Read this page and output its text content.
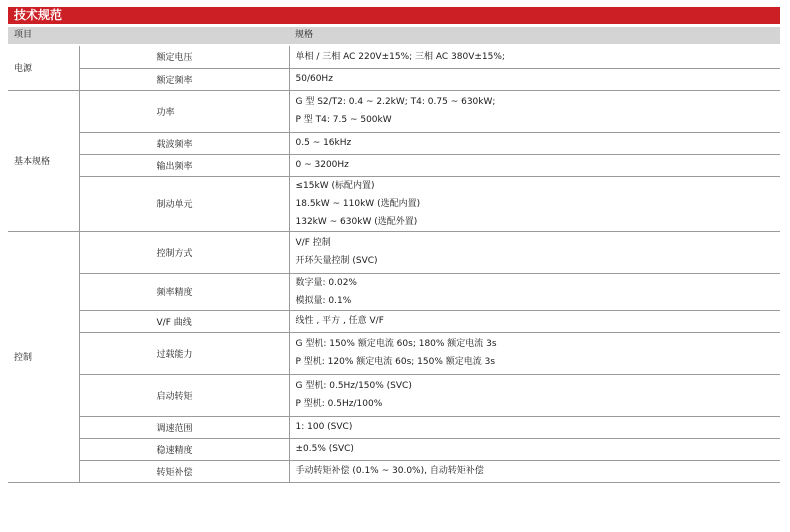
技术规范
项目	规格
电源	额定电压	单相 / 三相 AC 220V±15%; 三相 AC 380V±15%;

	额定频率	50/60Hz

基本规格	功率	G 型 S2/T2: 0.4 ~ 2.2kW; T4: 0.75 ~ 630kW;
P 型 T4: 7.5 ~ 500kW

	载波频率	0.5 ~ 16kHz

	输出频率	0 ~ 3200Hz

	制动单元	≤15kW (标配内置)
18.5kW ~ 110kW (选配内置)
132kW ~ 630kW (选配外置)

控制	控制方式	V/F 控制
开环矢量控制 (SVC)

	频率精度	数字量: 0.02%
模拟量: 0.1%

	V/F 曲线	线性 , 平方 , 任意 V/F

	过载能力	G 型机: 150% 额定电流 60s; 180% 额定电流 3s
P 型机: 120% 额定电流 60s; 150% 额定电流 3s

	启动转矩	G 型机: 0.5Hz/150% (SVC)
P 型机: 0.5Hz/100%

	调速范围	1: 100 (SVC)

	稳速精度	±0.5% (SVC)

	转矩补偿	手动转矩补偿 (0.1% ~ 30.0%), 自动转矩补偿
